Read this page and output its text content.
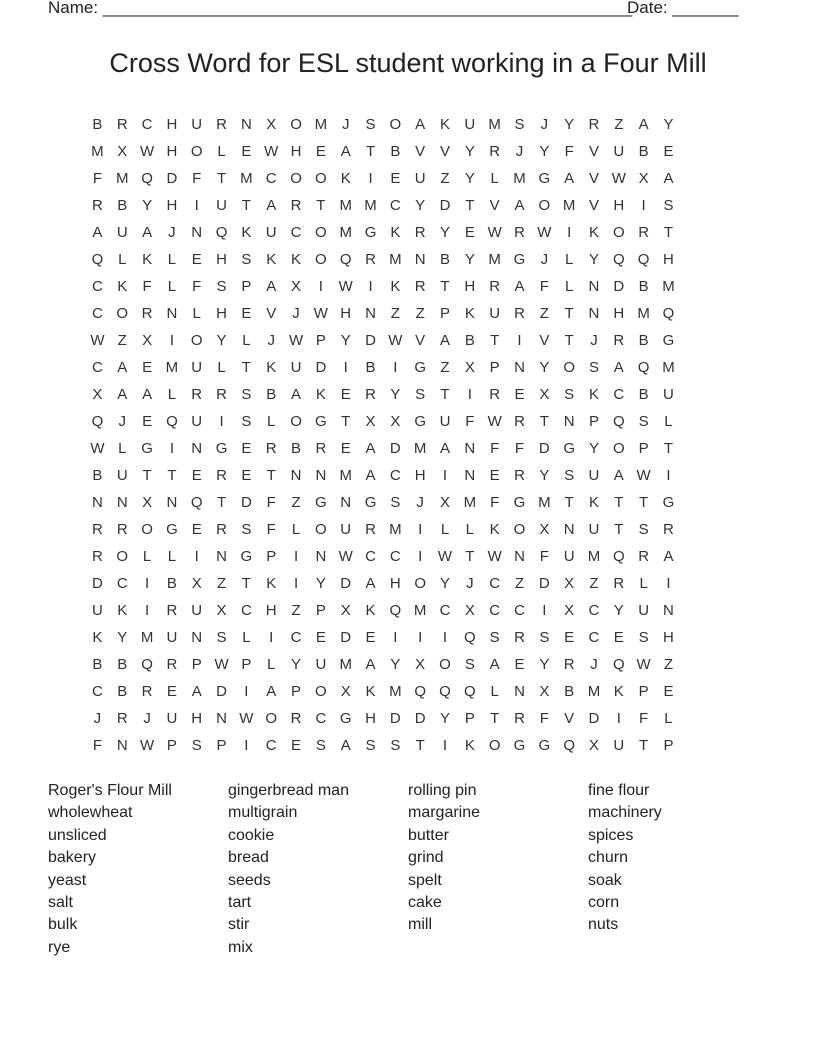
Name: ________________________________________________________
Date: _______
Cross Word for ESL student working in a Four Mill
B R C H U R N X O M J	S O A K U M S	J	Y R Z	A Y
M X W H O L	E W H E A	T	B V V Y R	J	Y	F	V U B E
F M Q D F	T M C O O K	I	E U Z	Y	L M G A V W X A
R B Y H	I	U T	A R T M M C Y D T	V A O M V H	I	S
A U A	J	N Q K U C O M G K R Y E W R W	I	K O R T
Q L	K	L	E H S K K O Q R M N B Y M G	J	L	Y Q Q H
C K	F	L	F	S P A X	I	W	I	K R T H R A	F	L	N D B M
C O R N	L	H E V	J W H N Z	Z	P K U R Z	T N H M Q
W Z	X	I	O Y	L	J W P Y D W V A B	T	I	V	T	J	R B G
C A E M U	L	T	K U D	I	B	I	G Z	X P N Y O S A Q M
X A A	L	R R S B A K E R Y S	T	I	R E X S K C B U
Q	J	E Q U	I	S	L O G T	X X G U F W R T N P Q S	L
W L G	I	N G E R B R E A D M A N F	F D G Y O P	T
B U T	T	E R E	T N N M A C H	I	N E R Y S U A W	I
N N X N Q T D F	Z G N G S	J	X M F G M T	K	T	T G
R R O G E R S	F	L O U R M	I	L	L	K O X N U T	S R
R O L	L	I	N G P	I	N W C C	I	W T W N F U M Q R A
D C	I	B X	Z	T	K	I	Y D A H O Y	J	C Z D X	Z R	L	I
U K	I	R U X C H Z	P X K Q M C X C C	I	X C Y U N
K Y M U N S	L	I	C E D E	I	I	I	Q S R S E C E S H
B B Q R P W P	L	Y U M A Y X O S A E Y R	J	Q W Z
C B R E A D	I	A P O X K M Q Q Q L	N X B M K P E
J	R	J	U H N W O R C G H D D Y P	T R F	V D	I	F	L
F N W P S P	I	C E S A S S	T	I	K O G G Q X U T	P
Roger's Flour Mill
wholewheat
unsliced
bakery
yeast
salt
bulk
rye
gingerbread man
multigrain
cookie
bread
seeds
tart
stir
mix
rolling pin
margarine
butter
grind
spelt
cake
mill
fine flour
machinery
spices
churn
soak
corn
nuts
